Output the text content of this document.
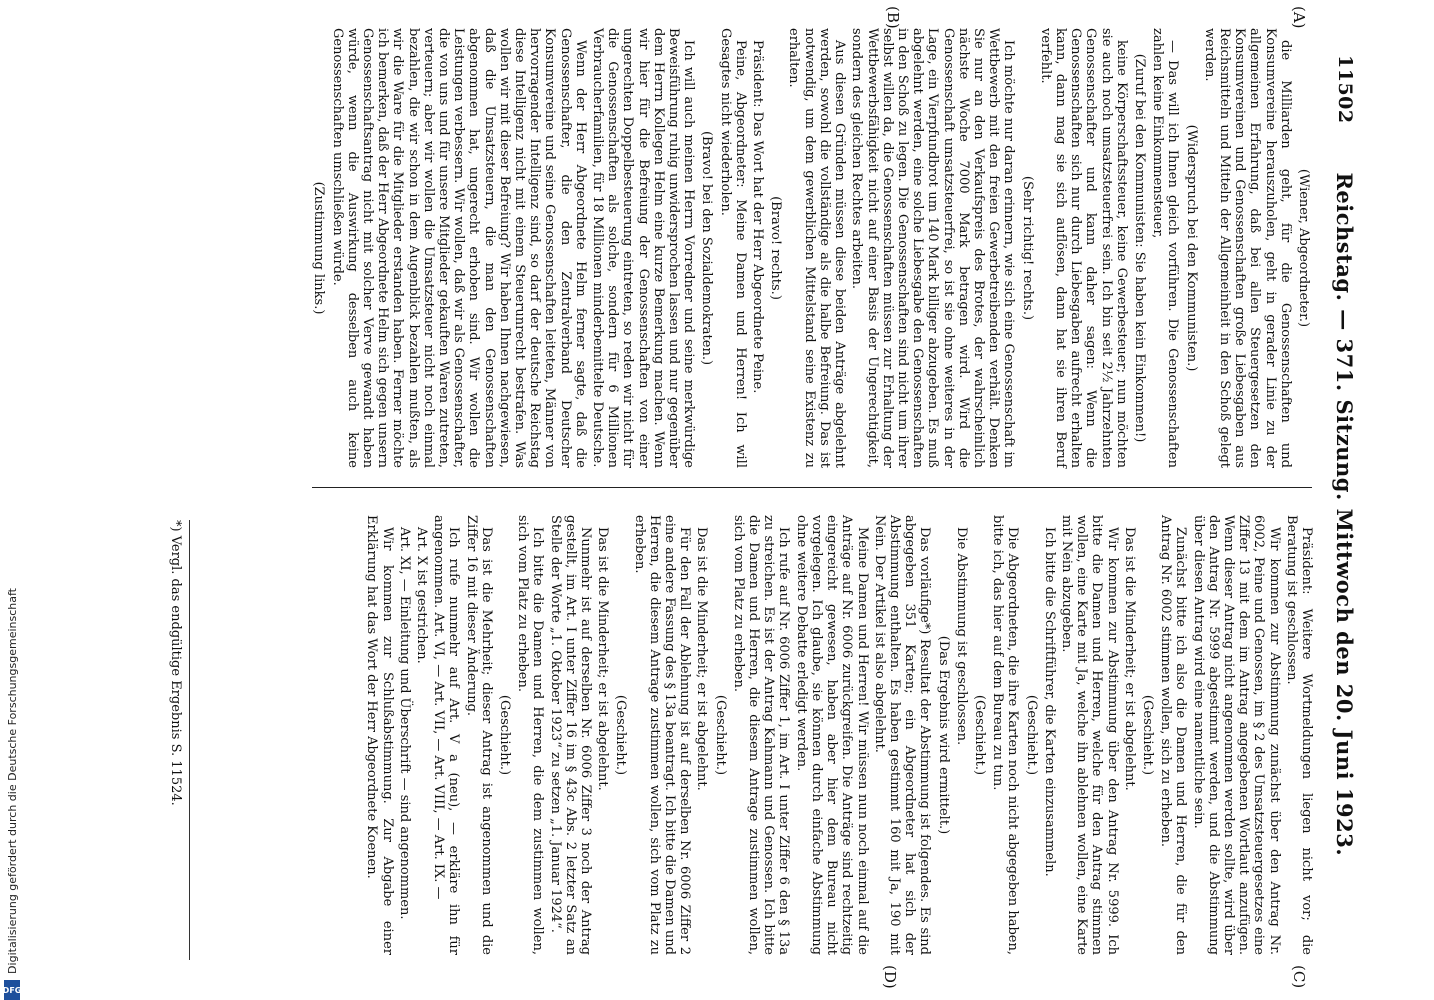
11502
Reichstag. — 371. Sitzung. Mittwoch den 20. Juni 1923.
(A)
(B)
(C)
(D)

(Wiener, Abgeordneter.)

die Milliarden geht, für die Genossenschaften und Konsumvereine herauszuholen, geht in gerader Linie zu der allgemeinen Erfahrung, daß bei allen Steuergesetzen den Konsumvereinen und Genossenschaften große Liebesgaben aus Reichsmitteln und Mitteln der Allgemeinheit in den Schoß gelegt werden.

(Widerspruch bei den Kommunisten.)

— Das will ich Ihnen gleich vorführen. Die Genossenschaften zahlen keine Einkommensteuer,

(Zuruf bei den Kommunisten: Sie haben kein Einkommen!)

keine Körperschaftssteuer, keine Gewerbesteuer; nun möchten sie auch noch umsatzsteuerfrei sein. Ich bin seit 2½ Jahrzehnten Genossenschafter und kann daher sagen: Wenn die Genossenschaften sich nur durch Liebesgaben aufrecht erhalten kann, dann mag sie sich auflösen, dann hat sie ihren Beruf verfehlt.

(Sehr richtig! rechts.)

Ich möchte nur daran erinnern, wie sich eine Genossenschaft im Wettbewerb mit den freien Gewerbetreibenden verhält. Denken Sie nur an den Verkaufspreis des Brotes, der wahrscheinlich nächste Woche 7000 Mark betragen wird. Wird die Genossenschaft umsatzsteuerfrei, so ist sie ohne weiteres in der Lage, ein Vierpfundbrot um 140 Mark billiger abzugeben. Es muß abgelehnt werden, eine solche Liebesgabe den Genossenschaften in den Schoß zu legen. Die Genossenschaften sind nicht um ihrer selbst willen da, die Genossenschaften müssen zur Erhaltung der Wettbewerbsfähigkeit nicht auf einer Basis der Ungerechtigkeit, sondern des gleichen Rechtes arbeiten.

Aus diesen Gründen müssen diese beiden Anträge abgelehnt werden, sowohl die vollständige als die halbe Befreiung. Das ist notwendig, um dem gewerblichen Mittelstand seine Existenz zu erhalten.

(Bravo! rechts.)

Präsident: Das Wort hat der Herr Abgeordnete Peine.

Peine, Abgeordneter: Meine Damen und Herren! Ich will Gesagtes nicht wiederholen.

(Bravo! bei den Sozialdemokraten.)

Ich will auch meinen Herrn Vorredner und seine merkwürdige Beweisführung ruhig unwidersprochen lassen und nur gegenüber dem Herrn Kollegen Helm eine kurze Bemerkung machen. Wenn wir hier für die Befreiung der Genossenschaften von einer ungerechten Doppelbesteuerung eintreten, so reden wir nicht für die Genossenschaften als solche, sondern für 6 Millionen Verbraucherfamilien, für 18 Millionen minderbemittelte Deutsche.

Wenn der Herr Abgeordnete Helm ferner sagte, daß die Genossenschafter, die den Zentralverband Deutscher Konsumvereine und seine Genossenschaften leiteten, Männer von hervorragender Intelligenz sind, so darf der deutsche Reichstag diese Intelligenz nicht mit einem Steuerunrecht bestrafen. Was wollen wir mit dieser Befreiung? Wir haben Ihnen nachgewiesen, daß die Umsatzsteuern, die man den Genossenschaften abgenommen hat, ungerecht erhoben sind. Wir wollen die Leistungen verbessern. Wir wollen, daß wir als Genossenschafter, die von uns und für unsere Mitglieder gekauften Waren zutreten, verteuern; aber wir wollen die Umsatzsteuer nicht noch einmal bezahlen, die wir schon in dem Augenblick bezahlen mußten, als wir die Ware für die Mitglieder erstanden haben. Ferner möchte ich bemerken, daß der Herr Abgeordnete Helm sich gegen unsern Genossenschaftsantrag nicht mit solcher Verve gewandt haben würde, wenn die Auswirkung desselben auch keine Genossenschaften umschließen würde.

(Zustimmung links.)

Präsident: Weitere Wortmeldungen liegen nicht vor; die Beratung ist geschlossen.

Wir kommen zur Abstimmung zunächst über den Antrag Nr. 6002, Peine und Genossen, im § 2 des Umsatzsteuergesetzes eine Ziffer 13 mit dem im Antrag angegebenen Wortlaut anzufügen. Wenn dieser Antrag nicht angenommen werden sollte, wird über den Antrag Nr. 5999 abgestimmt werden, und die Abstimmung über diesen Antrag wird eine namentliche sein.

Zunächst bitte ich also die Damen und Herren, die für den Antrag Nr. 6002 stimmen wollen, sich zu erheben.

(Geschieht.)

Das ist die Minderheit; er ist abgelehnt.

Wir kommen zur Abstimmung über den Antrag Nr. 5999. Ich bitte die Damen und Herren, welche für den Antrag stimmen wollen, eine Karte mit Ja, welche ihn ablehnen wollen, eine Karte mit Nein abzugeben.

Ich bitte die Schriftführer, die Karten einzusammeln.

(Geschieht.)

Die Abgeordneten, die ihre Karten noch nicht abgegeben haben, bitte ich, das hier auf dem Bureau zu tun.

(Geschieht.)

Die Abstimmung ist geschlossen.

(Das Ergebnis wird ermittelt.)

Das vorläufige*) Resultat der Abstimmung ist folgendes. Es sind abgegeben 351 Karten; ein Abgeordneter hat sich der Abstimmung enthalten. Es haben gestimmt 160 mit Ja, 190 mit Nein. Der Artikel ist also abgelehnt.

Meine Damen und Herren! Wir müssen nun noch einmal auf die Anträge auf Nr. 6006 zurückgreifen. Die Anträge sind rechtzeitig eingereicht gewesen, haben aber hier dem Bureau nicht vorgelegen. Ich glaube, sie können durch einfache Abstimmung ohne weitere Debatte erledigt werden.

Ich rufe auf Nr. 6006 Ziffer 1, im Art. I unter Ziffer 6 den § 13a zu streichen. Es ist der Antrag Kahmann und Genossen. Ich bitte die Damen und Herren, die diesem Antrage zustimmen wollen, sich vom Platz zu erheben.

(Geschieht.)

Das ist die Minderheit; er ist abgelehnt.

Für den Fall der Ablehnung ist auf derselben Nr. 6006 Ziffer 2 eine andere Fassung des § 13a beantragt. Ich bitte die Damen und Herren, die diesem Antrage zustimmen wollen, sich vom Platz zu erheben.

(Geschieht.)

Das ist die Minderheit; er ist abgelehnt.

Nunmehr ist auf derselben Nr. 6006 Ziffer 3 noch der Antrag gestellt, im Art. I unter Ziffer 16 im § 43c Abs. 2 letzter Satz an Stelle der Worte „1. Oktober 1923“ zu setzen „1. Januar 1924“.

Ich bitte die Damen und Herren, die dem zustimmen wollen, sich vom Platz zu erheben.

(Geschieht.)

Das ist die Mehrheit; dieser Antrag ist angenommen und die Ziffer 16 mit dieser Änderung.

Ich rufe nunmehr auf Art. V a (neu), — erkläre ihn für angenommen. Art. VI, — Art. VII, — Art. VIII, — Art. IX. —

Art. X ist gestrichen.

Art. XI, — Einleitung und Überschrift — sind angenommen.

Wir kommen zur Schlußabstimmung. Zur Abgabe einer Erklärung hat das Wort der Herr Abgeordnete Koenen.

*) Vergl. das endgültige Ergebnis S. 11524.
Digitalisierung gefördert durch die Deutsche Forschungsgemeinschaft
DFG
